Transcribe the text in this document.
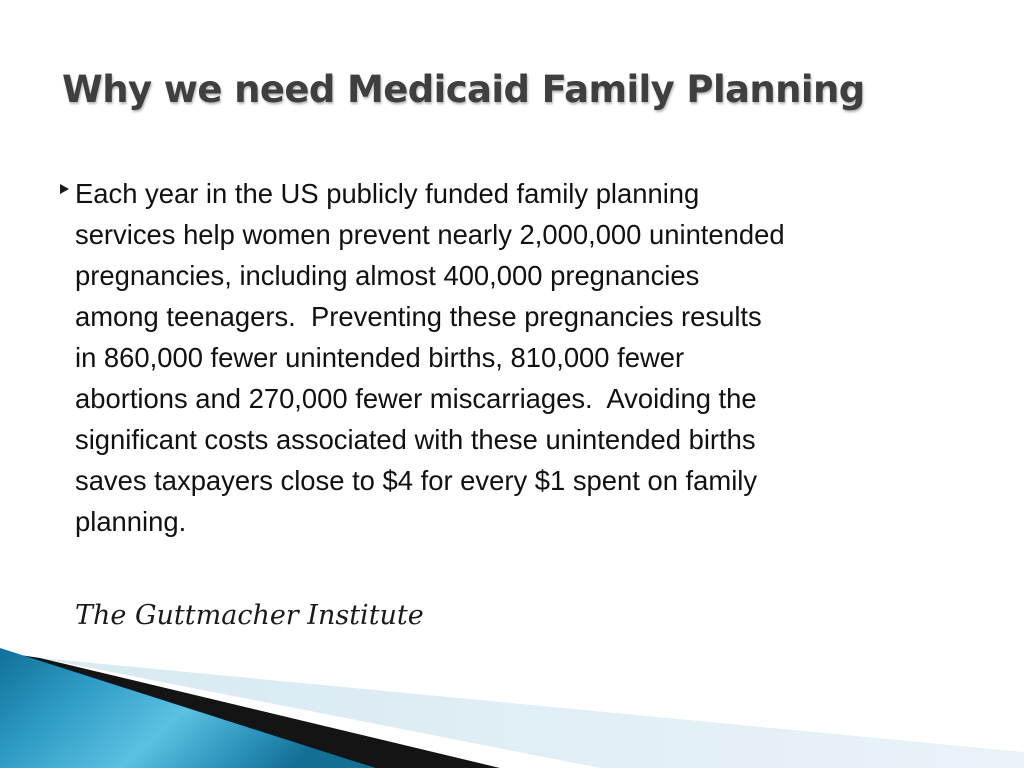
Why we need Medicaid Family Planning
Each year in the US publicly funded family planning
services help women prevent nearly 2,000,000 unintended
pregnancies, including almost 400,000 pregnancies
among teenagers.  Preventing these pregnancies results
in 860,000 fewer unintended births, 810,000 fewer
abortions and 270,000 fewer miscarriages.  Avoiding the
significant costs associated with these unintended births
saves taxpayers close to $4 for every $1 spent on family
planning.

The Guttmacher Institute
